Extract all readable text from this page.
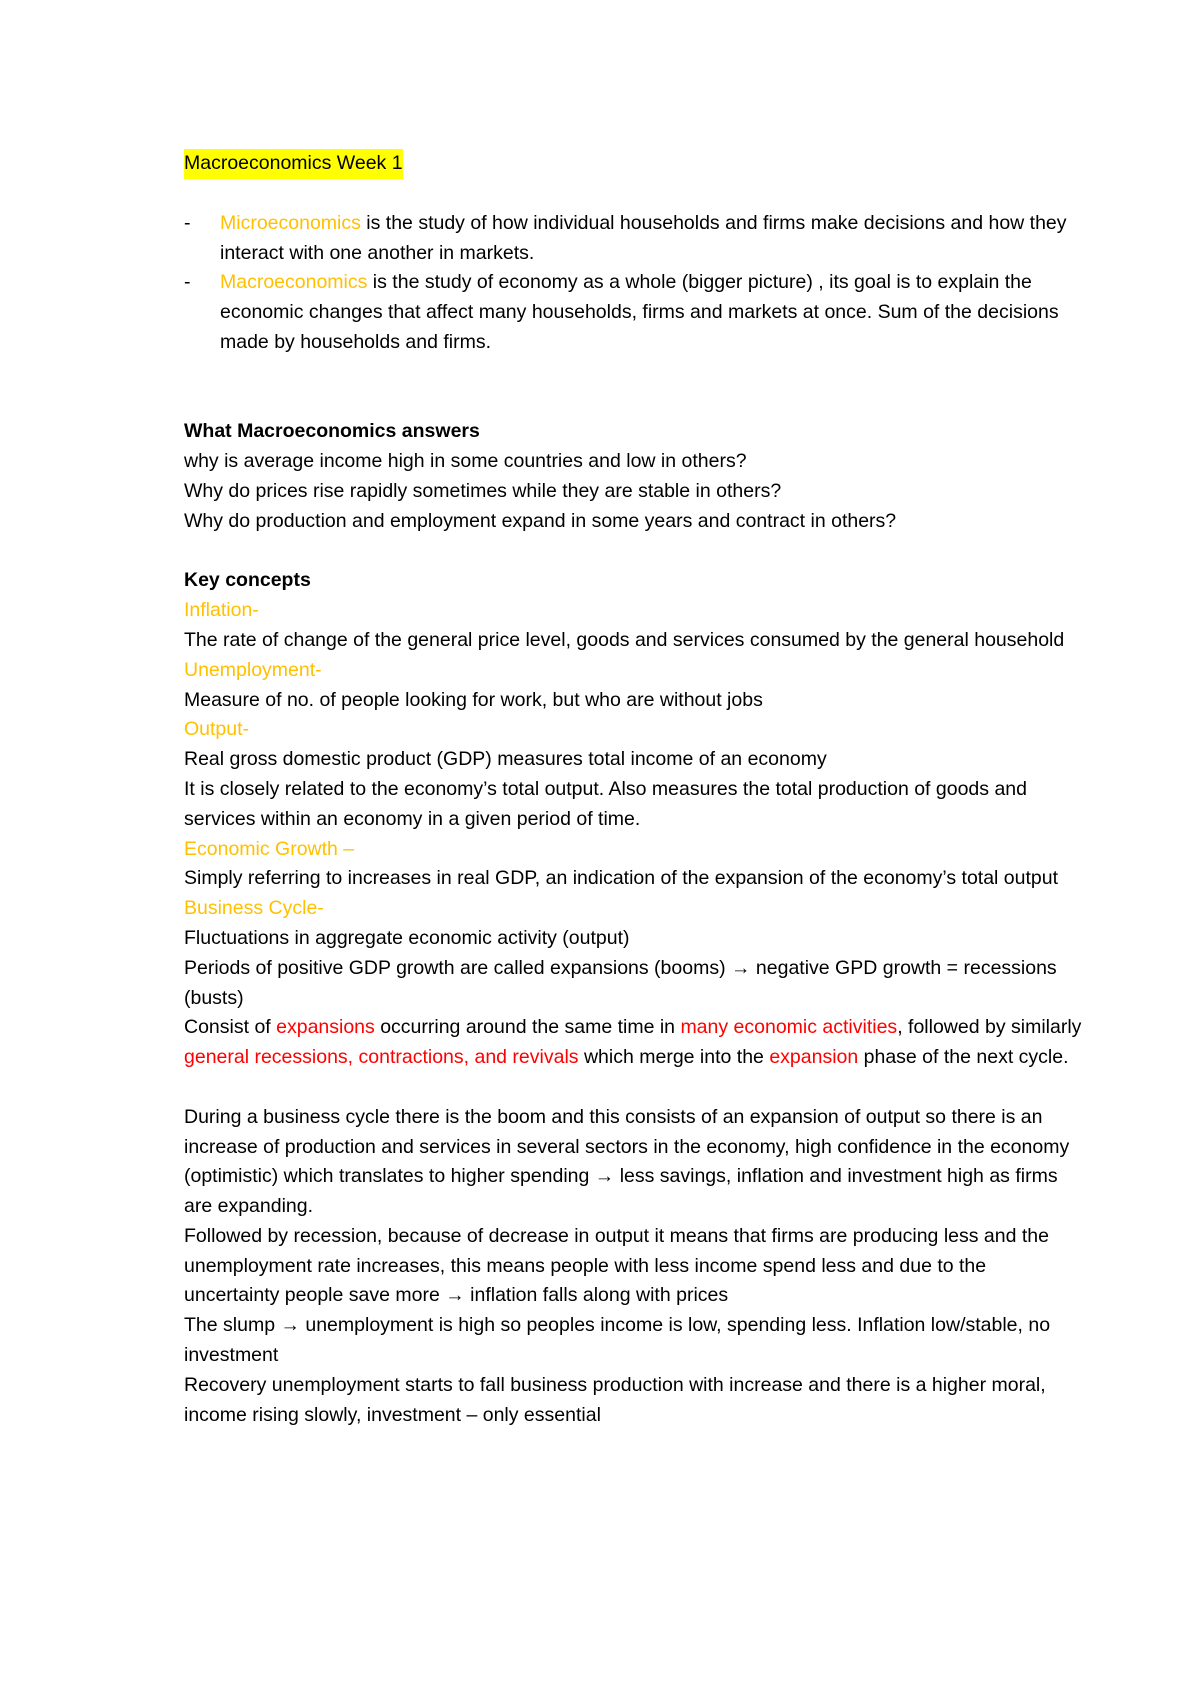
Macroeconomics Week 1
- Microeconomics is the study of how individual households and firms make decisions and how they interact with one another in markets.
- Macroeconomics is the study of economy as a whole (bigger picture) , its goal is to explain the economic changes that affect many households, firms and markets at once. Sum of the decisions made by households and firms.

What Macroeconomics answers

why is average income high in some countries and low in others?

Why do prices rise rapidly sometimes while they are stable in others?

Why do production and employment expand in some years and contract in others?

Key concepts

Inflation-

The rate of change of the general price level, goods and services consumed by the general household

Unemployment-

Measure of no. of people looking for work, but who are without jobs

Output-

Real gross domestic product (GDP) measures total income of an economy

It is closely related to the economy’s total output. Also measures the total production of goods and services within an economy in a given period of time.

Economic Growth –

Simply referring to increases in real GDP, an indication of the expansion of the economy’s total output

Business Cycle-

Fluctuations in aggregate economic activity (output)

Periods of positive GDP growth are called expansions (booms) → negative GPD growth = recessions (busts)

Consist of expansions occurring around the same time in many economic activities, followed by similarly general recessions, contractions, and revivals which merge into the expansion phase of the next cycle.

During a business cycle there is the boom and this consists of an expansion of output so there is an increase of production and services in several sectors in the economy, high confidence in the economy (optimistic) which translates to higher spending → less savings, inflation and investment high as firms are expanding.

Followed by recession, because of decrease in output it means that firms are producing less and the unemployment rate increases, this means people with less income spend less and due to the uncertainty people save more → inflation falls along with prices

The slump → unemployment is high so peoples income is low, spending less. Inflation low/stable, no investment

Recovery unemployment starts to fall business production with increase and there is a higher moral, income rising slowly, investment – only essential
